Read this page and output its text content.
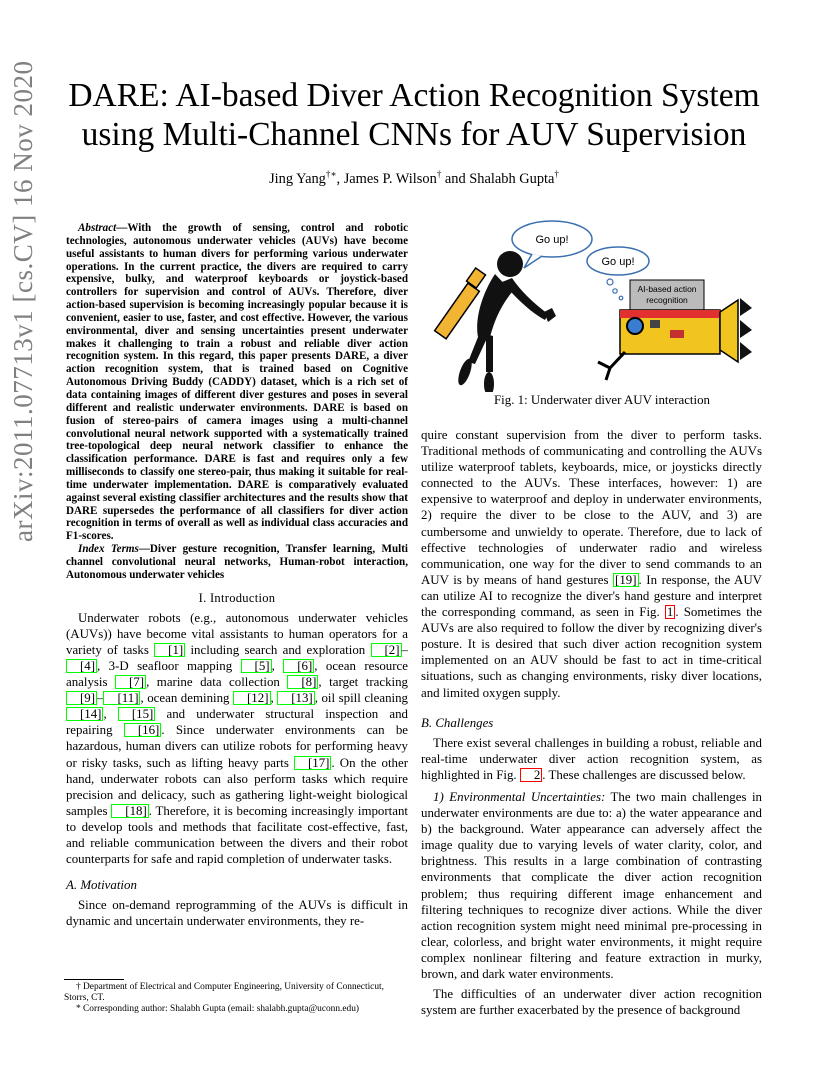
arXiv:2011.07713v1 [cs.CV] 16 Nov 2020 DARE: AI-based Diver Action Recognition System
using Multi-Channel CNNs for AUV Supervision
Jing Yang†∗, James P. Wilson† and Shalabh Gupta†
Abstract—With the growth of sensing, control and robotic technologies, autonomous underwater vehicles (AUVs) have become useful assistants to human divers for performing various underwater operations. In the current practice, the divers are required to carry expensive, bulky, and waterproof keyboards or joystick-based controllers for supervision and control of AUVs. Therefore, diver action-based supervision is becoming increasingly popular because it is convenient, easier to use, faster, and cost effective. However, the various environmental, diver and sensing uncertainties present underwater makes it challenging to train a robust and reliable diver action recognition system. In this regard, this paper presents DARE, a diver action recognition system, that is trained based on Cognitive Autonomous Driving Buddy (CADDY) dataset, which is a rich set of data containing images of different diver gestures and poses in several different and realistic underwater environments. DARE is based on fusion of stereo-pairs of camera images using a multi-channel convolutional neural network supported with a systematically trained tree-topological deep neural network classifier to enhance the classification performance. DARE is fast and requires only a few milliseconds to classify one stereo-pair, thus making it suitable for real-time underwater implementation. DARE is comparatively evaluated against several existing classifier architectures and the results show that DARE supersedes the performance of all classifiers for diver action recognition in terms of overall as well as individual class accuracies and F1-scores.
Index Terms—Diver gesture recognition, Transfer learning, Multi channel convolutional neural networks, Human-robot interaction, Autonomous underwater vehicles
I. Introduction

Underwater robots (e.g., autonomous underwater vehicles (AUVs)) have become vital assistants to human operators for a variety of tasks [1] including search and exploration [2] –[4] , 3-D seafloor mapping [5] , [6] , ocean resource analysis [7] , marine data collection [8] , target tracking [9] – [11] , ocean demining [12] , [13] , oil spill cleaning [14] , [15] and underwater structural inspection and repairing [16] . Since underwater environments can be hazardous, human divers can utilize robots for performing heavy or risky tasks, such as lifting heavy parts [17] . On the other hand, underwater robots can also perform tasks which require precision and delicacy, such as gathering light-weight biological samples [18] . Therefore, it is becoming increasingly important to develop tools and methods that facilitate cost-effective, fast, and reliable communication between the divers and their robot counterparts for safe and rapid completion of underwater tasks.

A. Motivation

Since on-demand reprogramming of the AUVs is difficult in dynamic and uncertain underwater environments, they re-

† Department of Electrical and Computer Engineering, University of Connecticut, Storrs, CT.
* Corresponding author: Shalabh Gupta (email: shalabh.gupta@uconn.edu)
Go up!
Go up!
AI-based action
recognition
Fig. 1: Underwater diver AUV interaction

quire constant supervision from the diver to perform tasks. Traditional methods of communicating and controlling the AUVs utilize waterproof tablets, keyboards, mice, or joysticks directly connected to the AUVs. These interfaces, however: 1) are expensive to waterproof and deploy in underwater environments, 2) require the diver to be close to the AUV, and 3) are cumbersome and unwieldy to operate. Therefore, due to lack of effective technologies of underwater radio and wireless communication, one way for the diver to send commands to an AUV is by means of hand gestures [19] . In response, the AUV can utilize AI to recognize the diver's hand gesture and interpret the corresponding command, as seen in Fig. 1 . Sometimes the AUVs are also required to follow the diver by recognizing diver's posture. It is desired that such diver action recognition system implemented on an AUV should be fast to act in time-critical situations, such as changing environments, risky diver locations, and limited oxygen supply.

B. Challenges

There exist several challenges in building a robust, reliable and real-time underwater diver action recognition system, as highlighted in Fig. 2 . These challenges are discussed below.

1) Environmental Uncertainties: The two main challenges in underwater environments are due to: a) the water appearance and b) the background. Water appearance can adversely affect the image quality due to varying levels of water clarity, color, and brightness. This results in a large combination of contrasting environments that complicate the diver action recognition problem; thus requiring different image enhancement and filtering techniques to recognize diver actions. While the diver action recognition system might need minimal pre-processing in clear, colorless, and bright water environments, it might require complex nonlinear filtering and feature extraction in murky, brown, and dark water environments.

The difficulties of an underwater diver action recognition system are further exacerbated by the presence of background
